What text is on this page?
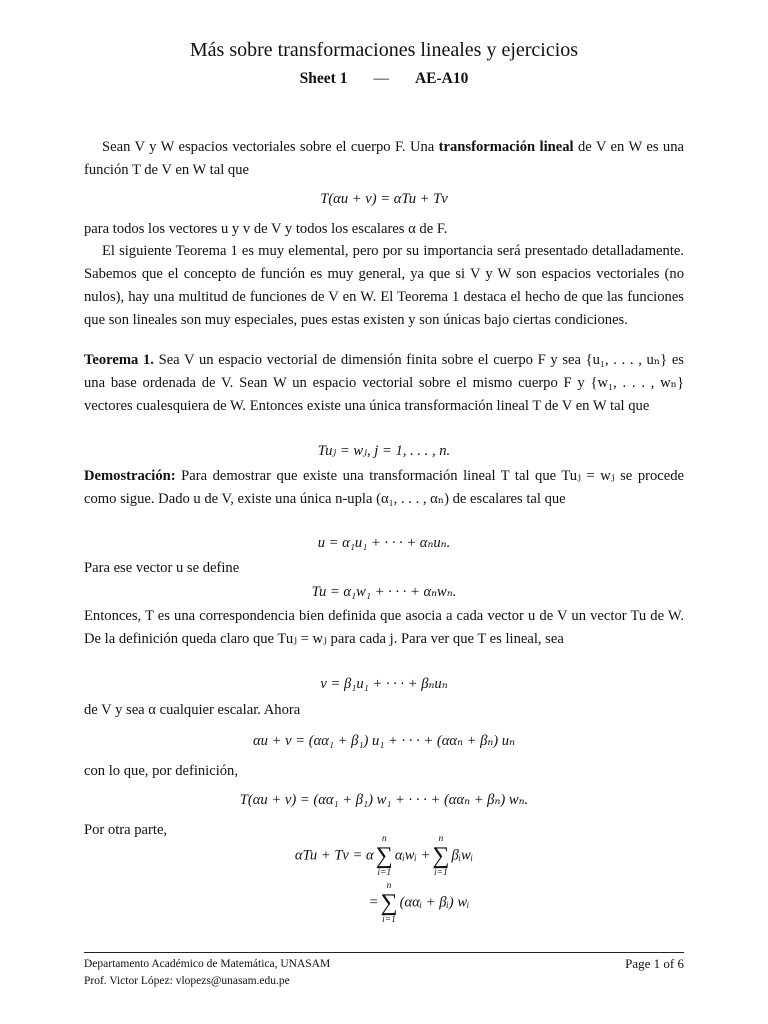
Más sobre transformaciones lineales y ejercicios
Sheet 1 — AE-A10

Sean V y W espacios vectoriales sobre el cuerpo F. Una transformación lineal de V en W es una función T de V en W tal que

T(αu + v) = αTu + Tv

para todos los vectores u y v de V y todos los escalares α de F.

El siguiente Teorema 1 es muy elemental, pero por su importancia será presentado detalladamente. Sabemos que el concepto de función es muy general, ya que si V y W son espacios vectoriales (no nulos), hay una multitud de funciones de V en W. El Teorema 1 destaca el hecho de que las funciones que son lineales son muy especiales, pues estas existen y son únicas bajo ciertas condiciones.

Teorema 1. Sea V un espacio vectorial de dimensión finita sobre el cuerpo F y sea {u₁, . . . , uₙ} es una base ordenada de V. Sean W un espacio vectorial sobre el mismo cuerpo F y {w₁, . . . , wₙ} vectores cualesquiera de W. Entonces existe una única transformación lineal T de V en W tal que

Tuⱼ = wⱼ, j = 1, . . . , n.

Demostración: Para demostrar que existe una transformación lineal T tal que Tuⱼ = wⱼ se procede como sigue. Dado u de V, existe una única n-upla (α₁, . . . , αₙ) de escalares tal que

u = α₁u₁ + · · · + αₙuₙ.

Para ese vector u se define

Tu = α₁w₁ + · · · + αₙwₙ.

Entonces, T es una correspondencia bien definida que asocia a cada vector u de V un vector Tu de W. De la definición queda claro que Tuⱼ = wⱼ para cada j. Para ver que T es lineal, sea

v = β₁u₁ + · · · + βₙuₙ

de V y sea α cualquier escalar. Ahora

αu + v = (αα₁ + β₁) u₁ + · · · + (ααₙ + βₙ) uₙ

con lo que, por definición,

T(αu + v) = (αα₁ + β₁) w₁ + · · · + (ααₙ + βₙ) wₙ.

Por otra parte,

αTu + Tv = α
n
∑
i=1
αᵢwᵢ +
n
∑
i=1
βᵢwᵢ
=
n
∑
i=1
(ααᵢ + βᵢ) wᵢ
Departamento Académico de Matemática, UNASAM
Prof. Victor López: vlopezs@unasam.edu.pe
Page 1 of 6
